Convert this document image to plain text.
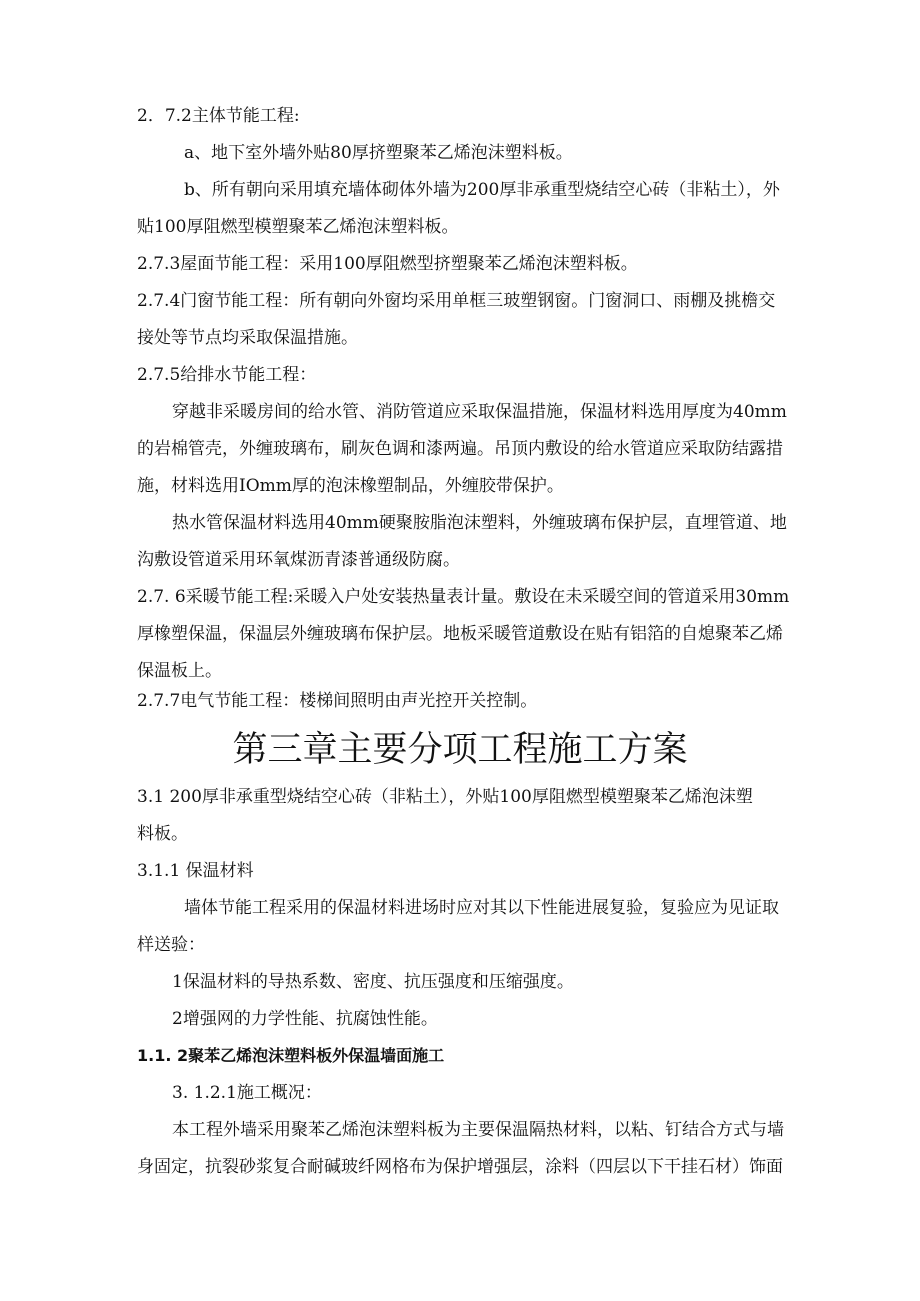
2．7.2主体节能工程:
a、地下室外墙外贴80厚挤塑聚苯乙烯泡沫塑料板。
b、所有朝向采用填充墙体砌体外墙为200厚非承重型烧结空心砖（非粘土），外
贴100厚阻燃型模塑聚苯乙烯泡沫塑料板。
2.7.3屋面节能工程：采用100厚阻燃型挤塑聚苯乙烯泡沫塑料板。
2.7.4门窗节能工程：所有朝向外窗均采用单框三玻塑钢窗。门窗洞口、雨棚及挑檐交
接处等节点均采取保温措施。
2.7.5给排水节能工程：
穿越非采暖房间的给水管、消防管道应采取保温措施，保温材料选用厚度为40mm
的岩棉管壳，外缠玻璃布，刷灰色调和漆两遍。吊顶内敷设的给水管道应采取防结露措
施，材料选用IOmm厚的泡沫橡塑制品，外缠胶带保护。
热水管保温材料选用40mm硬聚胺脂泡沫塑料，外缠玻璃布保护层，直埋管道、地
沟敷设管道采用环氧煤沥青漆普通级防腐。
2.7. 6采暖节能工程:采暖入户处安装热量表计量。敷设在未采暖空间的管道采用30mm
厚橡塑保温，保温层外缠玻璃布保护层。地板采暖管道敷设在贴有铝箔的自熄聚苯乙烯
保温板上。
2.7.7电气节能工程：楼梯间照明由声光控开关控制。
第三章主要分项工程施工方案
3.1 200厚非承重型烧结空心砖（非粘土），外贴100厚阻燃型模塑聚苯乙烯泡沫塑
料板。
3.1.1 保温材料
墙体节能工程采用的保温材料进场时应对其以下性能进展复验，复验应为见证取
样送验：
1保温材料的导热系数、密度、抗压强度和压缩强度。
2增强网的力学性能、抗腐蚀性能。
1.1. 2聚苯乙烯泡沫塑料板外保温墙面施工
3. 1.2.1施工概况：
本工程外墙采用聚苯乙烯泡沫塑料板为主要保温隔热材料，以粘、钉结合方式与墙
身固定，抗裂砂浆复合耐碱玻纤网格布为保护增强层，涂料（四层以下干挂石材）饰面
